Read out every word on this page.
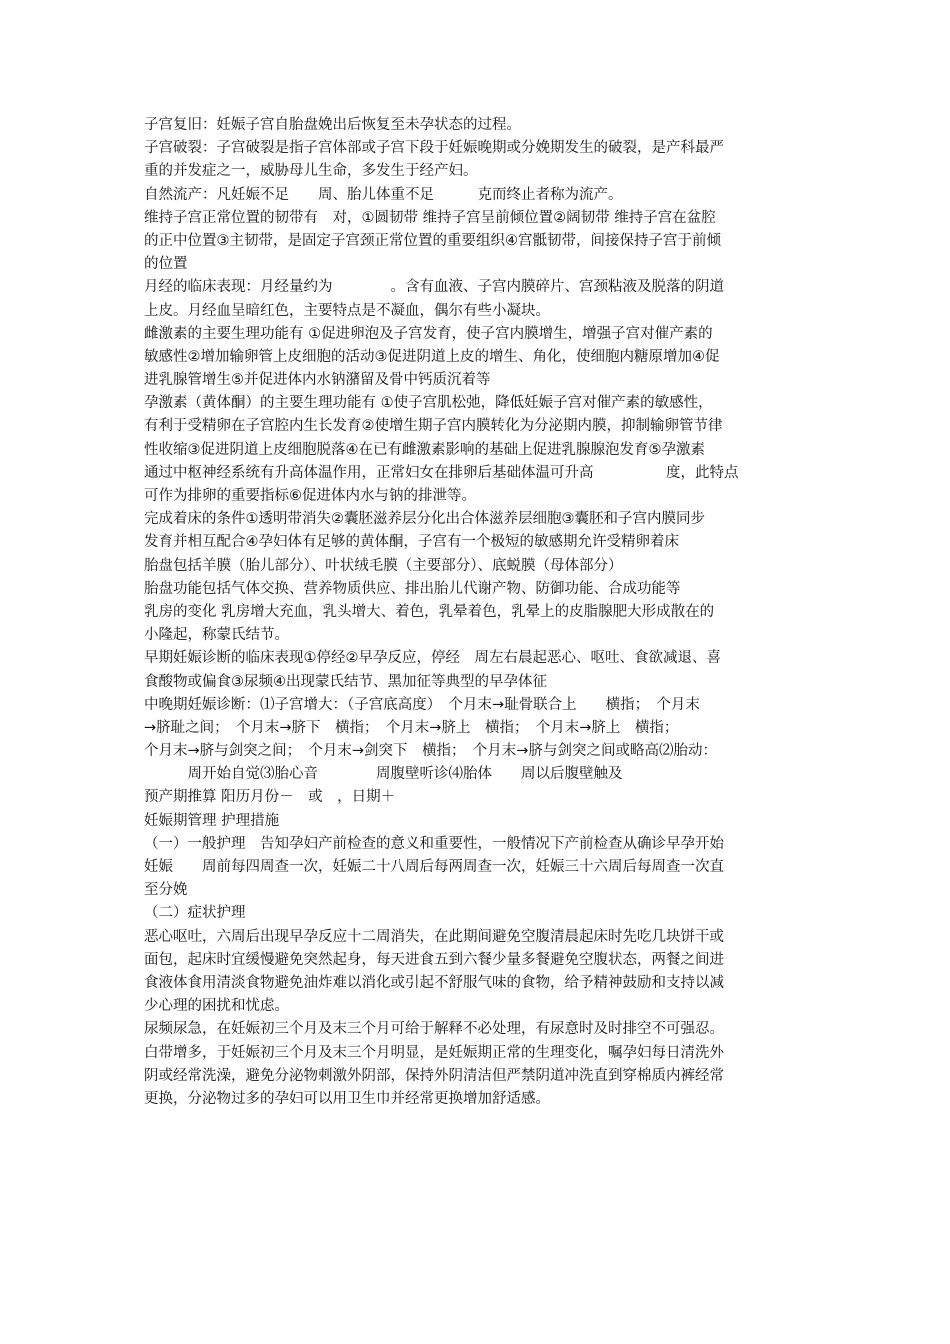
子宫复旧：妊娠子宫自胎盘娩出后恢复至未孕状态的过程。
子宫破裂：子宫破裂是指子宫体部或子宫下段于妊娠晚期或分娩期发生的破裂，是产科最严
重的并发症之一，威胁母儿生命，多发生于经产妇。
自然流产：凡妊娠不足　　周、胎儿体重不足　　　克而终止者称为流产。
维持子宫正常位置的韧带有　对，①圆韧带 维持子宫呈前倾位置②阔韧带 维持子宫在盆腔
的正中位置③主韧带，是固定子宫颈正常位置的重要组织④宫骶韧带，间接保持子宫于前倾
的位置
月经的临床表现：月经量约为　　　　。含有血液、子宫内膜碎片、宫颈粘液及脱落的阴道
上皮。月经血呈暗红色，主要特点是不凝血，偶尔有些小凝块。
雌激素的主要生理功能有 ①促进卵泡及子宫发育，使子宫内膜增生，增强子宫对催产素的
敏感性②增加输卵管上皮细胞的活动③促进阴道上皮的增生、角化，使细胞内糖原增加④促
进乳腺管增生⑤并促进体内水钠潴留及骨中钙质沉着等
孕激素（黄体酮）的主要生理功能有 ①使子宫肌松弛，降低妊娠子宫对催产素的敏感性，
有利于受精卵在子宫腔内生长发育②使增生期子宫内膜转化为分泌期内膜，抑制输卵管节律
性收缩③促进阴道上皮细胞脱落④在已有雌激素影响的基础上促进乳腺腺泡发育⑤孕激素
通过中枢神经系统有升高体温作用，正常妇女在排卵后基础体温可升高　　　　　度，此特点
可作为排卵的重要指标⑥促进体内水与钠的排泄等。
完成着床的条件①透明带消失②囊胚滋养层分化出合体滋养层细胞③囊胚和子宫内膜同步
发育并相互配合④孕妇体有足够的黄体酮，子宫有一个极短的敏感期允许受精卵着床
胎盘包括羊膜（胎儿部分）、叶状绒毛膜（主要部分）、底蜕膜（母体部分）
胎盘功能包括气体交换、营养物质供应、排出胎儿代谢产物、防御功能、合成功能等
乳房的变化 乳房增大充血，乳头增大、着色，乳晕着色，乳晕上的皮脂腺肥大形成散在的
小隆起，称蒙氏结节。
早期妊娠诊断的临床表现①停经②早孕反应，停经　周左右晨起恶心、呕吐、食欲减退、喜
食酸物或偏食③尿频④出现蒙氏结节、黑加征等典型的早孕体征
中晚期妊娠诊断：⑴子宫增大：（子宫底高度）　个月末→耻骨联合上　　横指；　个月末
→脐耻之间；　个月末→脐下　横指；　个月末→脐上　横指；　个月末→脐上　横指；
个月末→脐与剑突之间；　个月末→剑突下　横指；　个月末→脐与剑突之间或略高⑵胎动：
　　　周开始自觉⑶胎心音　　　　周腹壁听诊⑷胎体　　周以后腹壁触及
预产期推算 阳历月份－　或　，日期＋
妊娠期管理 护理措施
（一）一般护理　告知孕妇产前检查的意义和重要性，一般情况下产前检查从确诊早孕开始
妊娠　　周前每四周查一次，妊娠二十八周后每两周查一次，妊娠三十六周后每周查一次直
至分娩
（二）症状护理
恶心呕吐，六周后出现早孕反应十二周消失，在此期间避免空腹清晨起床时先吃几块饼干或
面包，起床时宜缓慢避免突然起身，每天进食五到六餐少量多餐避免空腹状态，两餐之间进
食液体食用清淡食物避免油炸难以消化或引起不舒服气味的食物，给予精神鼓励和支持以减
少心理的困扰和忧虑。
尿频尿急，在妊娠初三个月及末三个月可给于解释不必处理，有尿意时及时排空不可强忍。
白带增多，于妊娠初三个月及末三个月明显，是妊娠期正常的生理变化，嘱孕妇每日清洗外
阴或经常洗澡，避免分泌物刺激外阴部，保持外阴清洁但严禁阴道冲洗直到穿棉质内裤经常
更换，分泌物过多的孕妇可以用卫生巾并经常更换增加舒适感。
